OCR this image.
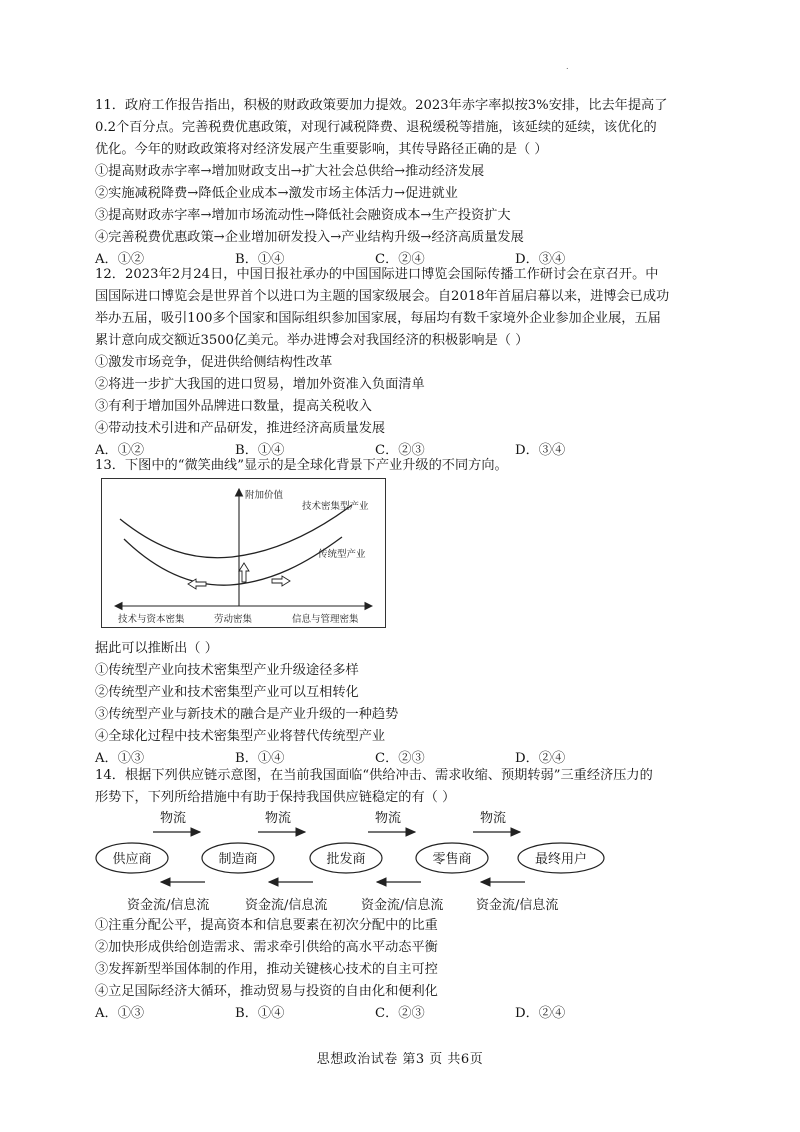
.

11．政府工作报告指出，积极的财政政策要加力提效。2023年赤字率拟按3%安排，比去年提高了
0.2个百分点。完善税费优惠政策，对现行减税降费、退税缓税等措施，该延续的延续，该优化的
优化。今年的财政政策将对经济发展产生重要影响，其传导路径正确的是（ ）

①提高财政赤字率→增加财政支出→扩大社会总供给→推动经济发展

②实施减税降费→降低企业成本→激发市场主体活力→促进就业

③提高财政赤字率→增加市场流动性→降低社会融资成本→生产投资扩大

④完善税费优惠政策→企业增加研发投入→产业结构升级→经济高质量发展

A．①②	B．①④	C．②④	D．③④

12．2023年2月24日，中国日报社承办的中国国际进口博览会国际传播工作研讨会在京召开。中
国国际进口博览会是世界首个以进口为主题的国家级展会。自2018年首届启幕以来，进博会已成功
举办五届，吸引100多个国家和国际组织参加国家展，每届均有数千家境外企业参加企业展，五届
累计意向成交额近3500亿美元。举办进博会对我国经济的积极影响是（ ）

①激发市场竞争，促进供给侧结构性改革

②将进一步扩大我国的进口贸易，增加外资准入负面清单

③有利于增加国外品牌进口数量，提高关税收入

④带动技术引进和产品研发，推进经济高质量发展

A．①②	B．①④	C．②③	D．③④

13．下图中的“微笑曲线”显示的是全球化背景下产业升级的不同方向。

附加价值
技术密集型产业
传统型产业
技术与资本密集	劳动密集	信息与管理密集

据此可以推断出（ ）

①传统型产业向技术密集型产业升级途径多样

②传统型产业和技术密集型产业可以互相转化

③传统型产业与新技术的融合是产业升级的一种趋势

④全球化过程中技术密集型产业将替代传统型产业

A．①③	B．①④	C．②③	D．②④

14．根据下列供应链示意图，在当前我国面临“供给冲击、需求收缩、预期转弱”三重经济压力的
形势下，下列所给措施中有助于保持我国供应链稳定的有（ ）

物流	物流	物流	物流
供应商	制造商	批发商	零售商	最终用户
资金流/信息流	资金流/信息流	资金流/信息流	资金流/信息流

①注重分配公平，提高资本和信息要素在初次分配中的比重

②加快形成供给创造需求、需求牵引供给的高水平动态平衡

③发挥新型举国体制的作用，推动关键核心技术的自主可控

④立足国际经济大循环，推动贸易与投资的自由化和便利化

A．①③	B．①④	C．②③	D．②④
思想政治试卷 第3 页 共6页
